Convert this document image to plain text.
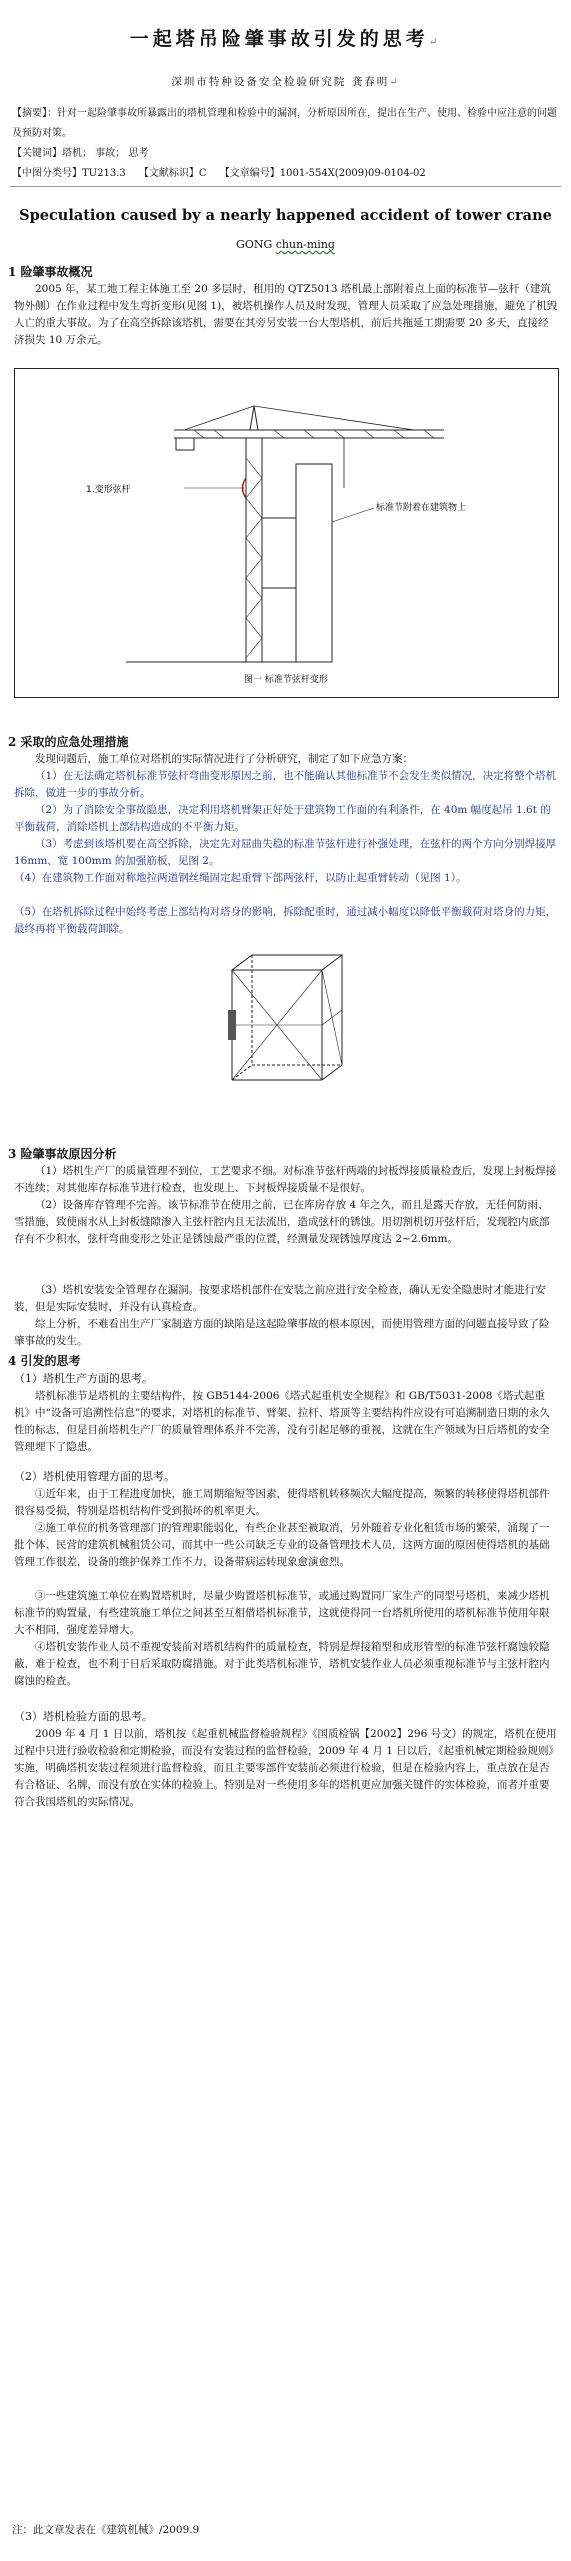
一起塔吊险肇事故引发的思考↵
深圳市特种设备安全检验研究院 龚春明↵
【摘要】：针对一起险肇事故所暴露出的塔机管理和检验中的漏洞，分析原因所在，提出在生产、使用、检验中应注意的问题及预防对策。
【关键词】塔机； 事故； 思考
【中图分类号】TU213.3 【文献标识】C 【文章编号】1001-554X(2009)09-0104-02
Speculation caused by a nearly happened accident of tower crane
GONG chun-ming
1 险肇事故概况
2005 年，某工地工程主体施工至 20 多层时，租用的 QTZ5013 塔机最上部附着点上面的标准节—弦杆（建筑物外侧）在作业过程中发生弯折变形(见图 1)，被塔机操作人员及时发现，管理人员采取了应急处理措施，避免了机毁人亡的重大事故。为了在高空拆除该塔机，需要在其旁另安装一台大型塔机，前后共拖延工期需要 20 多天，直接经济损失 10 万余元。
1.变形弦杆
标准节附着在建筑物上
图一 标准节弦杆变形
2 采取的应急处理措施
发现问题后，施工单位对塔机的实际情况进行了分析研究，制定了如下应急方案：
（1）在无法确定塔机标准节弦杆弯曲变形原因之前，也不能确认其他标准节不会发生类似情况，决定将整个塔机拆除，做进一步的事故分析。
（2）为了消除安全事故隐患，决定利用塔机臂架正好处于建筑物工作面的有利条件，在 40m 幅度起吊 1.6t 的平衡载荷，消除塔机上部结构造成的不平衡力矩。
（3）考虑到该塔机要在高空拆除，决定先对屈曲失稳的标准节弦杆进行补强处理，在弦杆的两个方向分别焊接厚 16mm、宽 100mm 的加强筋板，见图 2。
（4）在建筑物工作面对称地拉两道钢丝绳固定起重臂下部两弦杆，以防止起重臂转动（见图 1）。
（5）在塔机拆除过程中始终考虑上部结构对塔身的影响，拆除配重时，通过减小幅度以降低平衡载荷对塔身的力矩，最终再将平衡载荷卸除。
3 险肇事故原因分析
（1）塔机生产厂的质量管理不到位，工艺要求不细。对标准节弦杆两端的封板焊接质量检查后，发现上封板焊接不连续；对其他库存标准节进行检查，也发现上、下封板焊接质量不是很好。
（2）设备库存管理不完善。该节标准节在使用之前，已在库房存放 4 年之久，而且是露天存放，无任何防雨、雪措施，致使雨水从上封板缝隙渗入主弦杆腔内且无法流出，造成弦杆的锈蚀。用切割机切开弦杆后，发现腔内底部存有不少积水，弦杆弯曲变形之处正是锈蚀最严重的位置，经测量发现锈蚀厚度达 2~2.6mm。
（3）塔机安装安全管理存在漏洞。按要求塔机部件在安装之前应进行安全检查，确认无安全隐患时才能进行安装，但是实际安装时，并没有认真检查。
综上分析，不难看出生产厂家制造方面的缺陷是这起险肇事故的根本原因，而使用管理方面的问题直接导致了险肇事故的发生。
4 引发的思考
（1）塔机生产方面的思考。
塔机标准节是塔机的主要结构件，按 GB5144-2006《塔式起重机安全规程》和 GB/T5031-2008《塔式起重机》中“设备可追溯性信息”的要求，对塔机的标准节、臂架、拉杆、塔顶等主要结构件应设有可追溯制造日期的永久性的标志，但是目前塔机生产厂的质量管理体系并不完善，没有引起足够的重视，这就在生产领域为日后塔机的安全管理埋下了隐患。
（2）塔机使用管理方面的思考。
①近年来，由于工程进度加快，施工周期缩短等因素，使得塔机转移频次大幅度提高，频繁的转移使得塔机部件很容易受损，特别是塔机结构件受到损坏的机率更大。
②施工单位的机务管理部门的管理职能弱化，有些企业甚至被取消，另外随着专业化租赁市场的繁荣，涌现了一批个体、民营的建筑机械租赁公司，而其中一些公司缺乏专业的设备管理技术人员，这两方面的原因使得塔机的基础管理工作很差，设备的维护保养工作不力，设备带病运转现象愈演愈烈。
③一些建筑施工单位在购置塔机时，尽量少购置塔机标准节，或通过购置同厂家生产的同型号塔机，来减少塔机标准节的购置量，有些建筑施工单位之间甚至互相借塔机标准节，这就使得同一台塔机所使用的塔机标准节使用年限大不相同，强度差异增大。
④塔机安装作业人员不重视安装前对塔机结构件的质量检查，特别是焊接箱型和成形管型的标准节弦杆腐蚀较隐蔽，难于检查，也不利于日后采取防腐措施。对于此类塔机标准节，塔机安装作业人员必须重视标准节与主弦杆腔内腐蚀的检查。
（3）塔机检验方面的思考。
2009 年 4 月 1 日以前，塔机按《起重机械监督检验规程》《国质检锅【2002】296 号文）的规定，塔机在使用过程中只进行验收检验和定期检验，而没有安装过程的监督检验，2009 年 4 月 1 日以后，《起重机械定期检验规则》实施，明确塔机安装过程须进行监督检验，而且主要零部件安装前必须进行检验，但是在检验内容上，重点放在是否有合格证、名牌，而没有放在实体的检验上。特别是对一些使用多年的塔机更应加强关键件的实体检验，而者并重要符合我国塔机的实际情况。
注：此文章发表在《建筑机械》/2009.9
